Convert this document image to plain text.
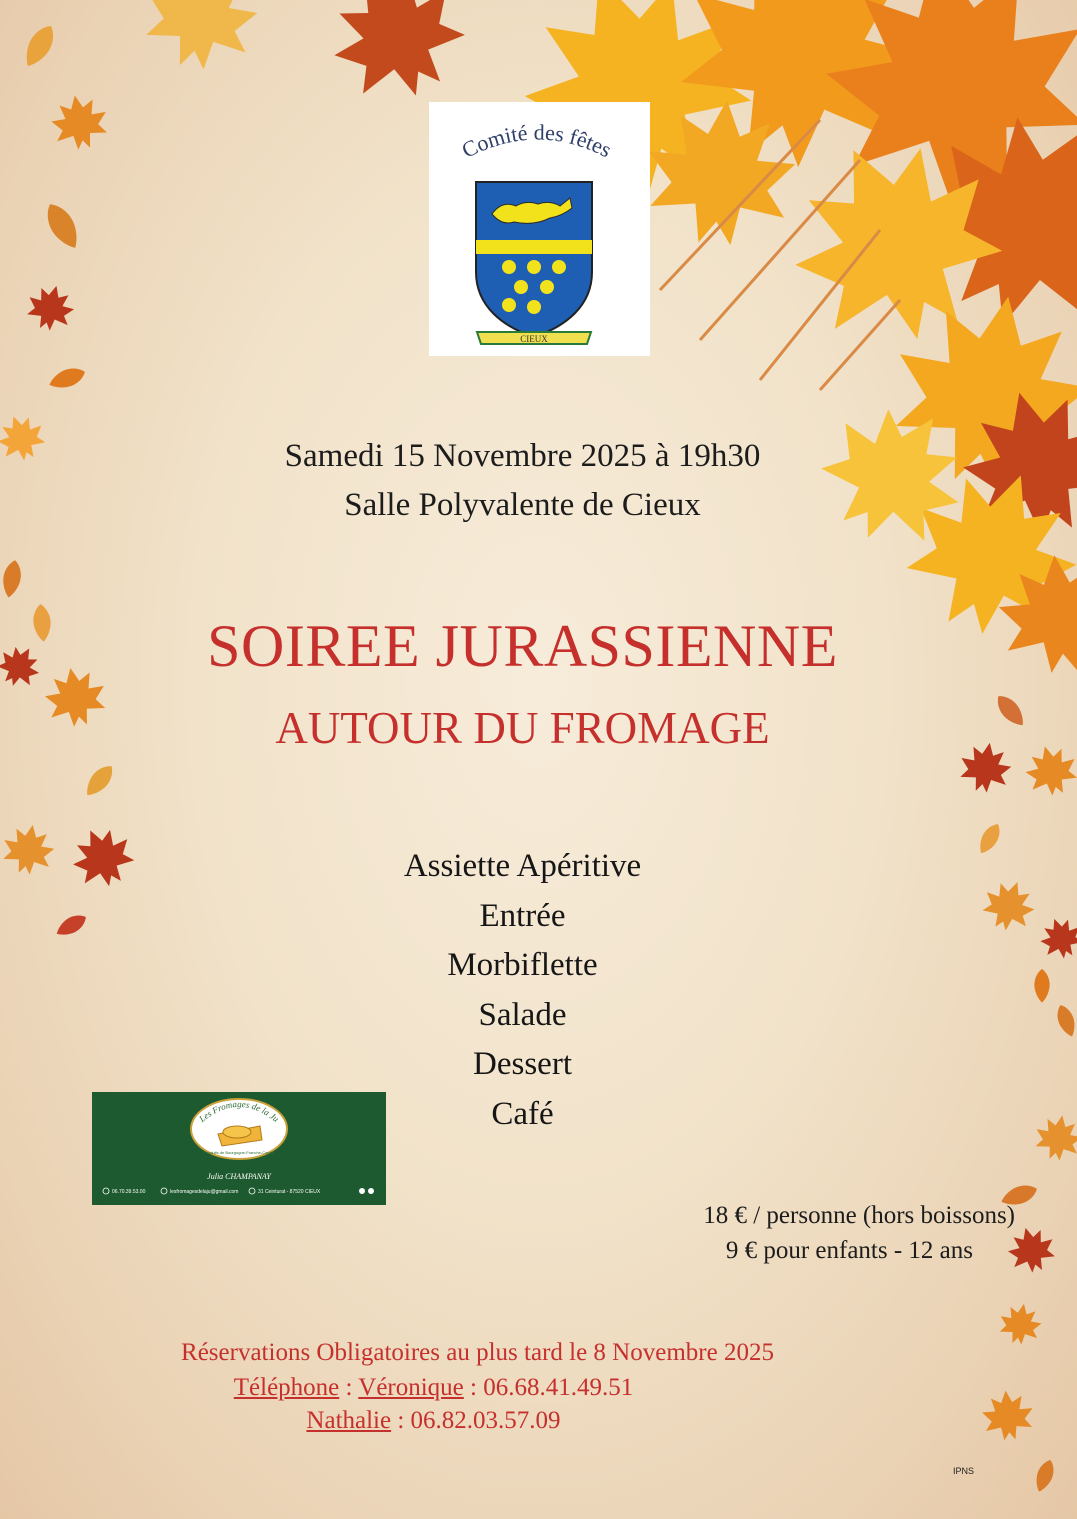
Comité des fêtes
CIEUX
Samedi 15 Novembre 2025 à 19h30
Salle Polyvalente de Cieux
SOIREE JURASSIENNE
AUTOUR DU FROMAGE
Assiette Apéritive
Entrée
Morbiflette
Salade
Dessert
Café
Les Fromages de la Ju
Produits de Bourgogne-Franche-Comté
Julia CHAMPANAY
06.70.39.53.00	lesfromagesdelaju@gmail.com	31 Ceinturat - 87520 CIEUX
18 € / personne (hors boissons)
9 € pour enfants - 12 ans
Réservations Obligatoires au plus tard le 8 Novembre 2025
Téléphone : Véronique : 06.68.41.49.51
Nathalie : 06.82.03.57.09
IPNS
